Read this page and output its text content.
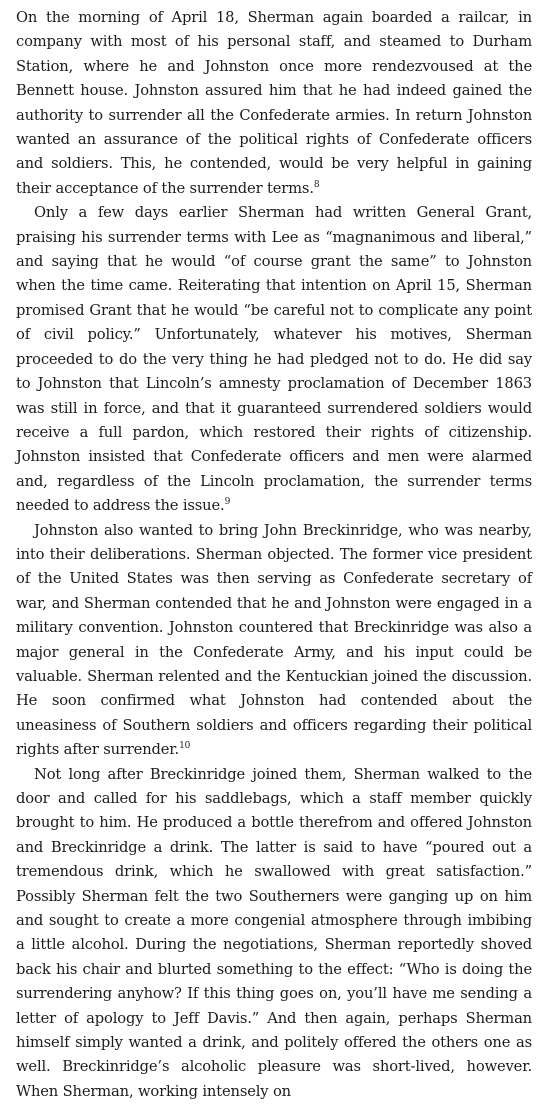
On the morning of April 18, Sherman again boarded a railcar, in company with most of his personal staff, and steamed to Durham Station, where he and Johnston once more rendezvoused at the Bennett house. Johnston assured him that he had indeed gained the authority to surrender all the Confederate armies. In return Johnston wanted an assurance of the political rights of Confederate officers and soldiers. This, he contended, would be very helpful in gaining their acceptance of the surrender terms.$^8$

Only a few days earlier Sherman had written General Grant, praising his surrender terms with Lee as “magnanimous and liberal,” and saying that he would “of course grant the same” to Johnston when the time came. Reiterating that intention on April 15, Sherman promised Grant that he would “be careful not to complicate any point of civil policy.” Unfortunately, whatever his motives, Sherman proceeded to do the very thing he had pledged not to do. He did say to Johnston that Lincoln’s amnesty proclamation of December 1863 was still in force, and that it guaranteed surrendered soldiers would receive a full pardon, which restored their rights of citizenship. Johnston insisted that Confederate officers and men were alarmed and, regardless of the Lincoln proclamation, the surrender terms needed to address the issue.$^9$

Johnston also wanted to bring John Breckinridge, who was nearby, into their deliberations. Sherman objected. The former vice president of the United States was then serving as Confederate secretary of war, and Sherman contended that he and Johnston were engaged in a military convention. Johnston countered that Breckinridge was also a major general in the Confederate Army, and his input could be valuable. Sherman relented and the Kentuckian joined the discussion. He soon confirmed what Johnston had contended about the uneasiness of Southern soldiers and officers regarding their political rights after surrender.$^{10}$

Not long after Breckinridge joined them, Sherman walked to the door and called for his saddlebags, which a staff member quickly brought to him. He produced a bottle therefrom and offered Johnston and Breckinridge a drink. The latter is said to have “poured out a tremendous drink, which he swallowed with great satisfaction.” Possibly Sherman felt the two Southerners were ganging up on him and sought to create a more congenial atmosphere through imbibing a little alcohol. During the negotiations, Sherman reportedly shoved back his chair and blurted something to the effect: “Who is doing the surrendering anyhow? If this thing goes on, you’ll have me sending a letter of apology to Jeff Davis.” And then again, perhaps Sherman himself simply wanted a drink, and politely offered the others one as well. Breckinridge’s alcoholic pleasure was short-lived, however. When Sherman, working intensely on
